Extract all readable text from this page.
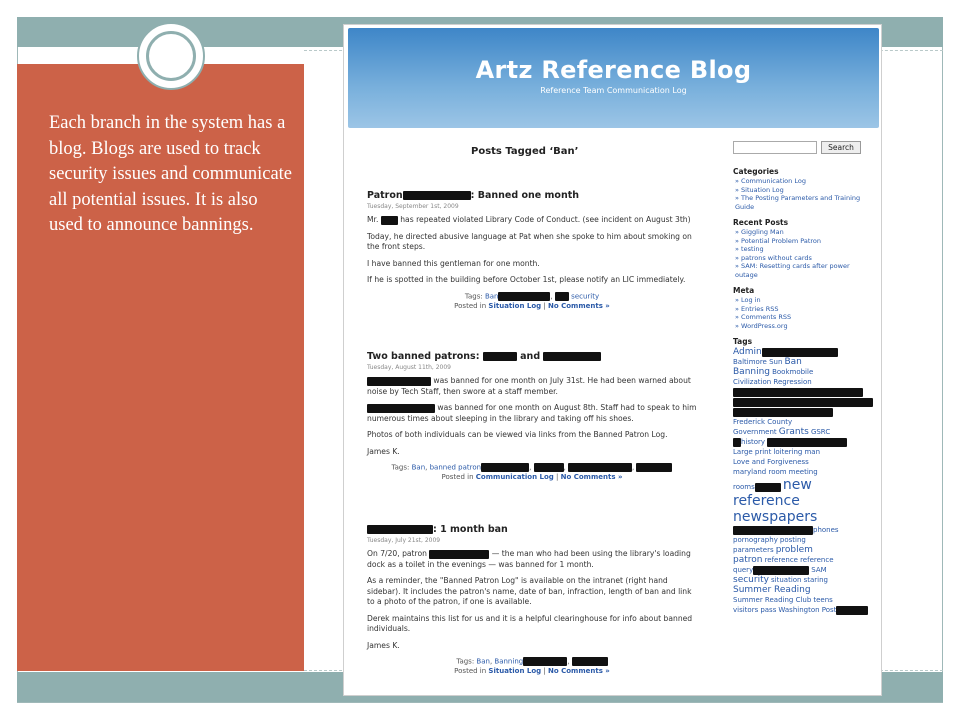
Each branch in the system has a blog. Blogs are used to track security issues and communicate all potential issues. It is also used to announce bannings.
Artz Reference Blog
Reference Team Communication Log
Posts Tagged ‘Ban’
Patron	: Banned one month
Tuesday, September 1st, 2009

Mr.	has repeated violated Library Code of Conduct. (see incident on August 3th)

Today, he directed abusive language at Pat when she spoke to him about smoking on the front steps.

I have banned this gentleman for one month.

If he is spotted in the building before October 1st, please notify an LIC immediately.

Tags: Ban	,  security
Posted in Situation Log | No Comments »
Two banned patrons:	and
Tuesday, August 11th, 2009

was banned for one month on July 31st. He had been warned about noise by Tech Staff, then swore at a staff member.

was banned for one month on August 8th. Staff had to speak to him numerous times about sleeping in the library and taking off his shoes.

Photos of both individuals can be viewed via links from the Banned Patron Log.

James K.

Tags: Ban, banned patron	,	,	,
Posted in Communication Log | No Comments »
: 1 month ban
Tuesday, July 21st, 2009

On 7/20, patron	— the man who had been using the library's loading dock as a toilet in the evenings — was banned for 1 month.

As a reminder, the "Banned Patron Log" is available on the intranet (right hand sidebar). It includes the patron's name, date of ban, infraction, length of ban and link to a photo of the patron, if one is available.

Derek maintains this list for us and it is a helpful clearinghouse for info about banned individuals.

James K.

Tags: Ban, Banning	,
Posted in Situation Log | No Comments »
Search
Categories
» Communication Log
» Situation Log
» The Posting Parameters and Training Guide
Recent Posts
» Giggling Man
» Potential Problem Patron
» testing
» patrons without cards
» SAM: Resetting cards after power outage
Meta
» Log in
» Entries RSS
» Comments RSS
» WordPress.org
Tags
Admin
Baltimore Sun Ban
Banning Bookmobile
Civilization Regression

Frederick County
Government Grants GSRC
history
Large print loitering man
Love and Forgiveness
maryland room meeting
rooms new
reference
newspapers
phones
pornography posting
parameters problem
patron reference reference
query	SAM
security situation staring
Summer Reading
Summer Reading Club teens
visitors pass Washington Post
